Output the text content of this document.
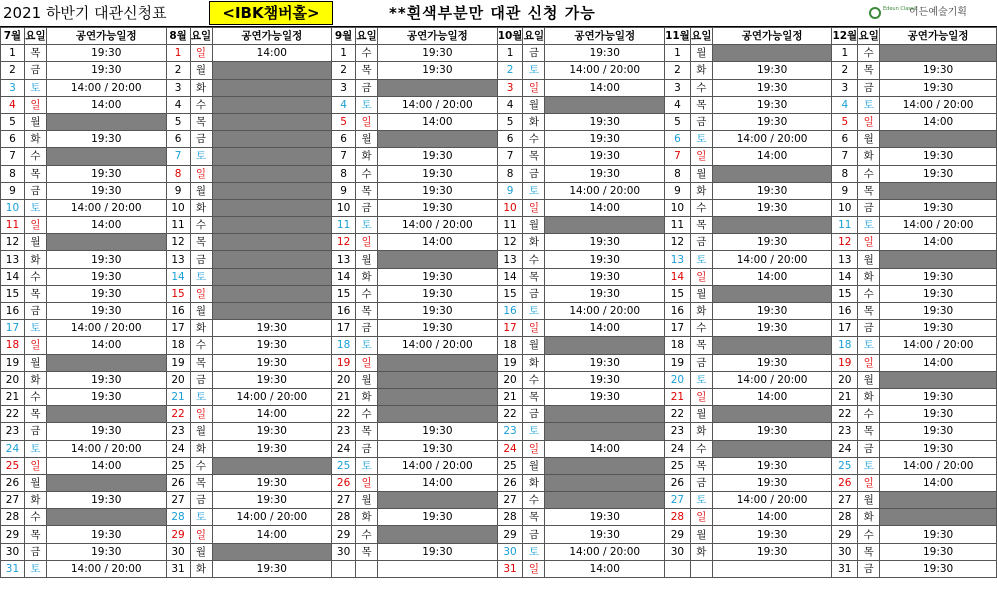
2021 하반기 대관신청표	<IBK챔버홀>	**흰색부분만 대관 신청 가능	Edeun Classic
이든예술기획
7월	요일	공연가능일정	8월	요일	공연가능일정	9월	요일	공연가능일정	10월	요일	공연가능일정	11월	요일	공연가능일정	12월	요일	공연가능일정
1	목	19:30	1	일	14:00	1	수	19:30	1	금	19:30	1	월		1	수	
2	금	19:30	2	월		2	목	19:30	2	토	14:00 / 20:00	2	화	19:30	2	목	19:30
3	토	14:00 / 20:00	3	화		3	금		3	일	14:00	3	수	19:30	3	금	19:30
4	일	14:00	4	수		4	토	14:00 / 20:00	4	월		4	목	19:30	4	토	14:00 / 20:00
5	월		5	목		5	일	14:00	5	화	19:30	5	금	19:30	5	일	14:00
6	화	19:30	6	금		6	월		6	수	19:30	6	토	14:00 / 20:00	6	월	
7	수		7	토		7	화	19:30	7	목	19:30	7	일	14:00	7	화	19:30
8	목	19:30	8	일		8	수	19:30	8	금	19:30	8	월		8	수	19:30
9	금	19:30	9	월		9	목	19:30	9	토	14:00 / 20:00	9	화	19:30	9	목	
10	토	14:00 / 20:00	10	화		10	금	19:30	10	일	14:00	10	수	19:30	10	금	19:30
11	일	14:00	11	수		11	토	14:00 / 20:00	11	월		11	목		11	토	14:00 / 20:00
12	월		12	목		12	일	14:00	12	화	19:30	12	금	19:30	12	일	14:00
13	화	19:30	13	금		13	월		13	수	19:30	13	토	14:00 / 20:00	13	월	
14	수	19:30	14	토		14	화	19:30	14	목	19:30	14	일	14:00	14	화	19:30
15	목	19:30	15	일		15	수	19:30	15	금	19:30	15	월		15	수	19:30
16	금	19:30	16	월		16	목	19:30	16	토	14:00 / 20:00	16	화	19:30	16	목	19:30
17	토	14:00 / 20:00	17	화	19:30	17	금	19:30	17	일	14:00	17	수	19:30	17	금	19:30
18	일	14:00	18	수	19:30	18	토	14:00 / 20:00	18	월		18	목		18	토	14:00 / 20:00
19	월		19	목	19:30	19	일		19	화	19:30	19	금	19:30	19	일	14:00
20	화	19:30	20	금	19:30	20	월		20	수	19:30	20	토	14:00 / 20:00	20	월	
21	수	19:30	21	토	14:00 / 20:00	21	화		21	목	19:30	21	일	14:00	21	화	19:30
22	목		22	일	14:00	22	수		22	금		22	월		22	수	19:30
23	금	19:30	23	월	19:30	23	목	19:30	23	토		23	화	19:30	23	목	19:30
24	토	14:00 / 20:00	24	화	19:30	24	금	19:30	24	일	14:00	24	수		24	금	19:30
25	일	14:00	25	수		25	토	14:00 / 20:00	25	월		25	목	19:30	25	토	14:00 / 20:00
26	월		26	목	19:30	26	일	14:00	26	화		26	금	19:30	26	일	14:00
27	화	19:30	27	금	19:30	27	월		27	수		27	토	14:00 / 20:00	27	월	
28	수		28	토	14:00 / 20:00	28	화	19:30	28	목	19:30	28	일	14:00	28	화	
29	목	19:30	29	일	14:00	29	수		29	금	19:30	29	월	19:30	29	수	19:30
30	금	19:30	30	월		30	목	19:30	30	토	14:00 / 20:00	30	화	19:30	30	목	19:30
31	토	14:00 / 20:00	31	화	19:30				31	일	14:00				31	금	19:30
